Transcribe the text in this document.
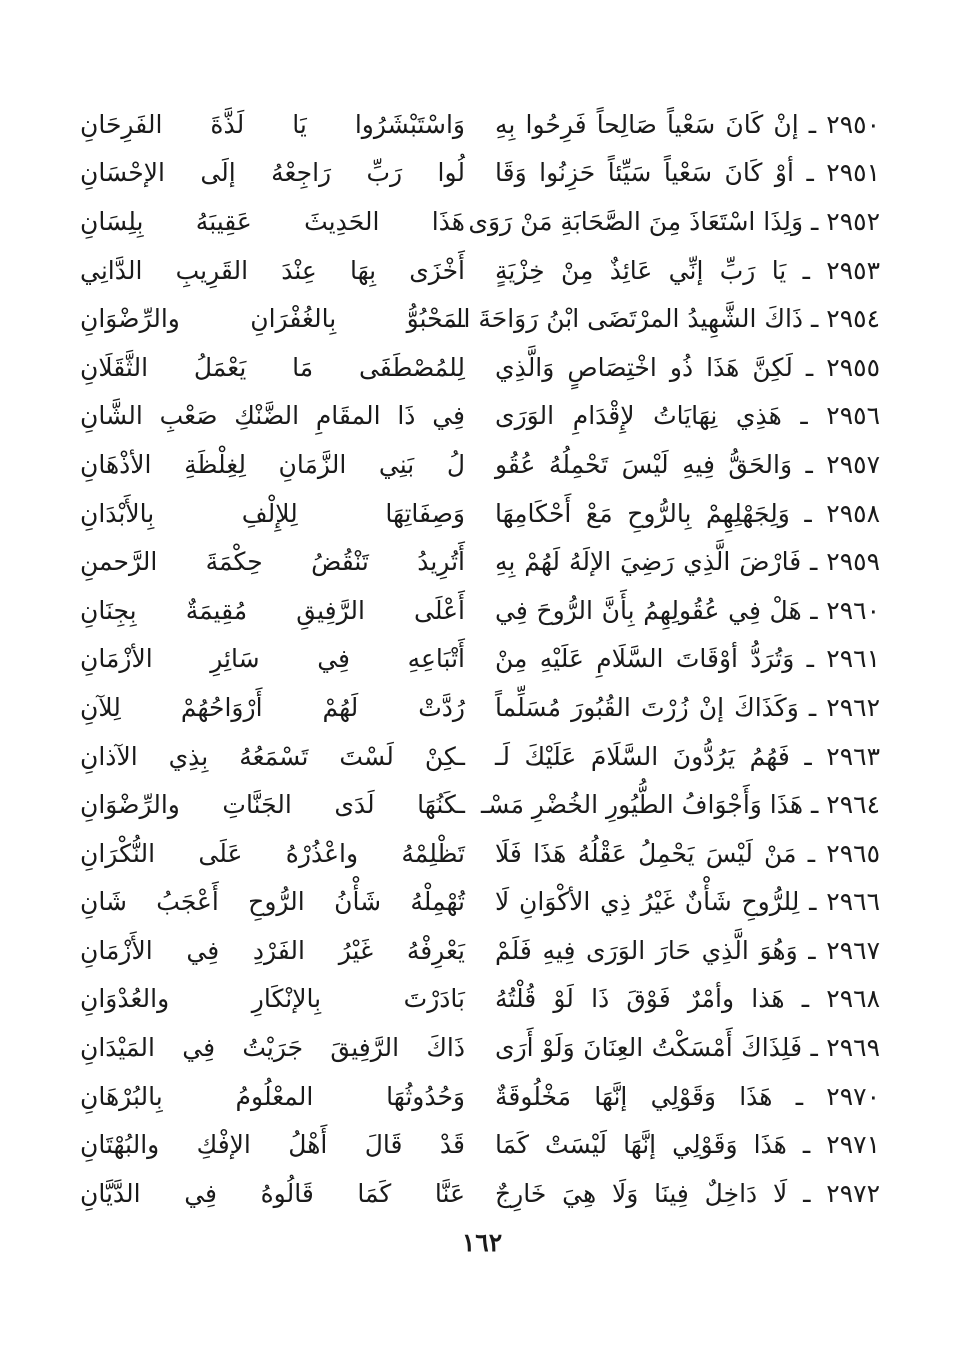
٢٩٥٠ ـ إنْ كَانَ سَعْياً صَالِحاً فَرِحُوا بِهِ
وَاسْتَبْشَرُوا يَا لَذَّةَ الفَرِحَانِ
٢٩٥١ ـ أوْ كَانَ سَعْياً سَيِّئاً حَزِنُوا وَقَا
لُوا رَبِّ رَاجِعْهُ إلَى الإحْسَانِ
٢٩٥٢ ـ وَلِذَا اسْتَعَاذَ مِنَ الصَّحَابَةِ مَنْ رَوَى
هَذَا الحَدِيثَ عَقِيبَهُ بِلِسَانِ
٢٩٥٣ ـ يَا رَبِّ إنِّي عَائِذٌ مِنْ خِزْيَةٍ
أَخْزَى بِهَا عِنْدَ القَرِيبِ الدَّانِي
٢٩٥٤ ـ ذَاكَ الشَّهِيدُ المرْتَضَى ابْنُ رَوَاحَةَ الـ
ـمَحْبُوُّ بِالغُفْرَانِ والرِّضْوَانِ
٢٩٥٥ ـ لَكِنَّ هَذَا ذُو اخْتِصَاصٍ وَالَّذِي
لِلمُصْطَفَى مَا يَعْمَلُ الثَّقَلَانِ
٢٩٥٦ ـ هَذِي نِهَايَاتُ لإِقْدَامِ الوَرَى
فِي ذَا المقَامِ الضَّنْكِ صَعْبِ الشَّانِ
٢٩٥٧ ـ وَالحَقُّ فِيهِ لَيْسَ تَحْمِلُهُ عُقُو
لُ بَنِي الزَّمَانِ لِغِلْظَةِ الأذْهَانِ
٢٩٥٨ ـ وَلِجَهْلِهِمْ بِالرُّوحِ مَعْ أَحْكَامِهَا
وَصِفَاتِهَا لِلإِلْفِ بِالأَبْدَانِ
٢٩٥٩ ـ فَارْضَ الَّذِي رَضِيَ الإلَهُ لَهُمْ بِهِ
أَتُرِيدُ تَنْقُضُ حِكْمَةَ الرَّحمنِ
٢٩٦٠ ـ هَلْ فِي عُقُولِهِمُ بِأَنَّ الرُّوحَ فِي
أَعْلَى الرَّفِيقِ مُقِيمَةٌ بِجِنَانِ
٢٩٦١ ـ وَتُرَدُّ أوْقَاتَ السَّلَامِ عَلَيْهِ مِنْ
أَتْبَاعِهِ فِي سَائِرِ الأزْمَانِ
٢٩٦٢ ـ وَكَذَاكَ إنْ زُرْتَ القُبُورَ مُسَلِّماً
رُدَّتْ لَهُمْ أَرْوَاحُهُمْ لِلآنِ
٢٩٦٣ ـ فَهُمُ يَرُدُّونَ السَّلَامَ عَلَيْكَ لَـ
ـكِنْ لَسْتَ تَسْمَعُهُ بِذِي الآذانِ
٢٩٦٤ ـ هَذَا وَأَجْوَافُ الطُّيُورِ الخُضْرِ مَسْـ
ـكَنُهَا لَدَى الجَنَّاتِ والرِّضْوَانِ
٢٩٦٥ ـ مَنْ لَيْسَ يَحْمِلُ عَقْلُهُ هَذَا فَلَا
تَظْلِمْهُ واعْذُرْهُ عَلَى النُّكْرَانِ
٢٩٦٦ ـ لِلرُّوحِ شَأْنٌ غَيْرُ ذِي الأكْوَانِ لَا
تُهْمِلْهُ شَأْنُ الرُّوحِ أَعْجَبُ شَانِ
٢٩٦٧ ـ وَهُوَ الَّذِي حَارَ الوَرَى فِيهِ فَلَمْ
يَعْرِفْهُ غَيْرُ الفَرْدِ فِي الأَزْمَانِ
٢٩٦٨ ـ هَذا وأمْرٌ فَوْقَ ذَا لَوْ قُلْتُهُ
بَادَرْتَ بِالإنْكَارِ والعُدْوَانِ
٢٩٦٩ ـ فَلِذَاكَ أَمْسَكْتُ العِنَانَ وَلَوْ أَرَى
ذَاكَ الرَّفِيقَ جَرَيْتُ فِي المَيْدَانِ
٢٩٧٠ ـ هَذَا وَقَوْلِي إنَّهَا مَخْلُوقَةٌ
وَحُدُوثُهَا المعْلُومُ بِالبُرْهَانِ
٢٩٧١ ـ هَذَا وَقَوْلِي إنَّهَا لَيْسَتْ كَمَا
قَدْ قَالَ أَهْلُ الإفْكِ والبُهْتَانِ
٢٩٧٢ ـ لَا دَاخِلٌ فِينَا وَلَا هِيَ خَارِجٌ
عَنَّا كَمَا قَالُوهُ فِي الدَّيَّانِ
١٦٢
